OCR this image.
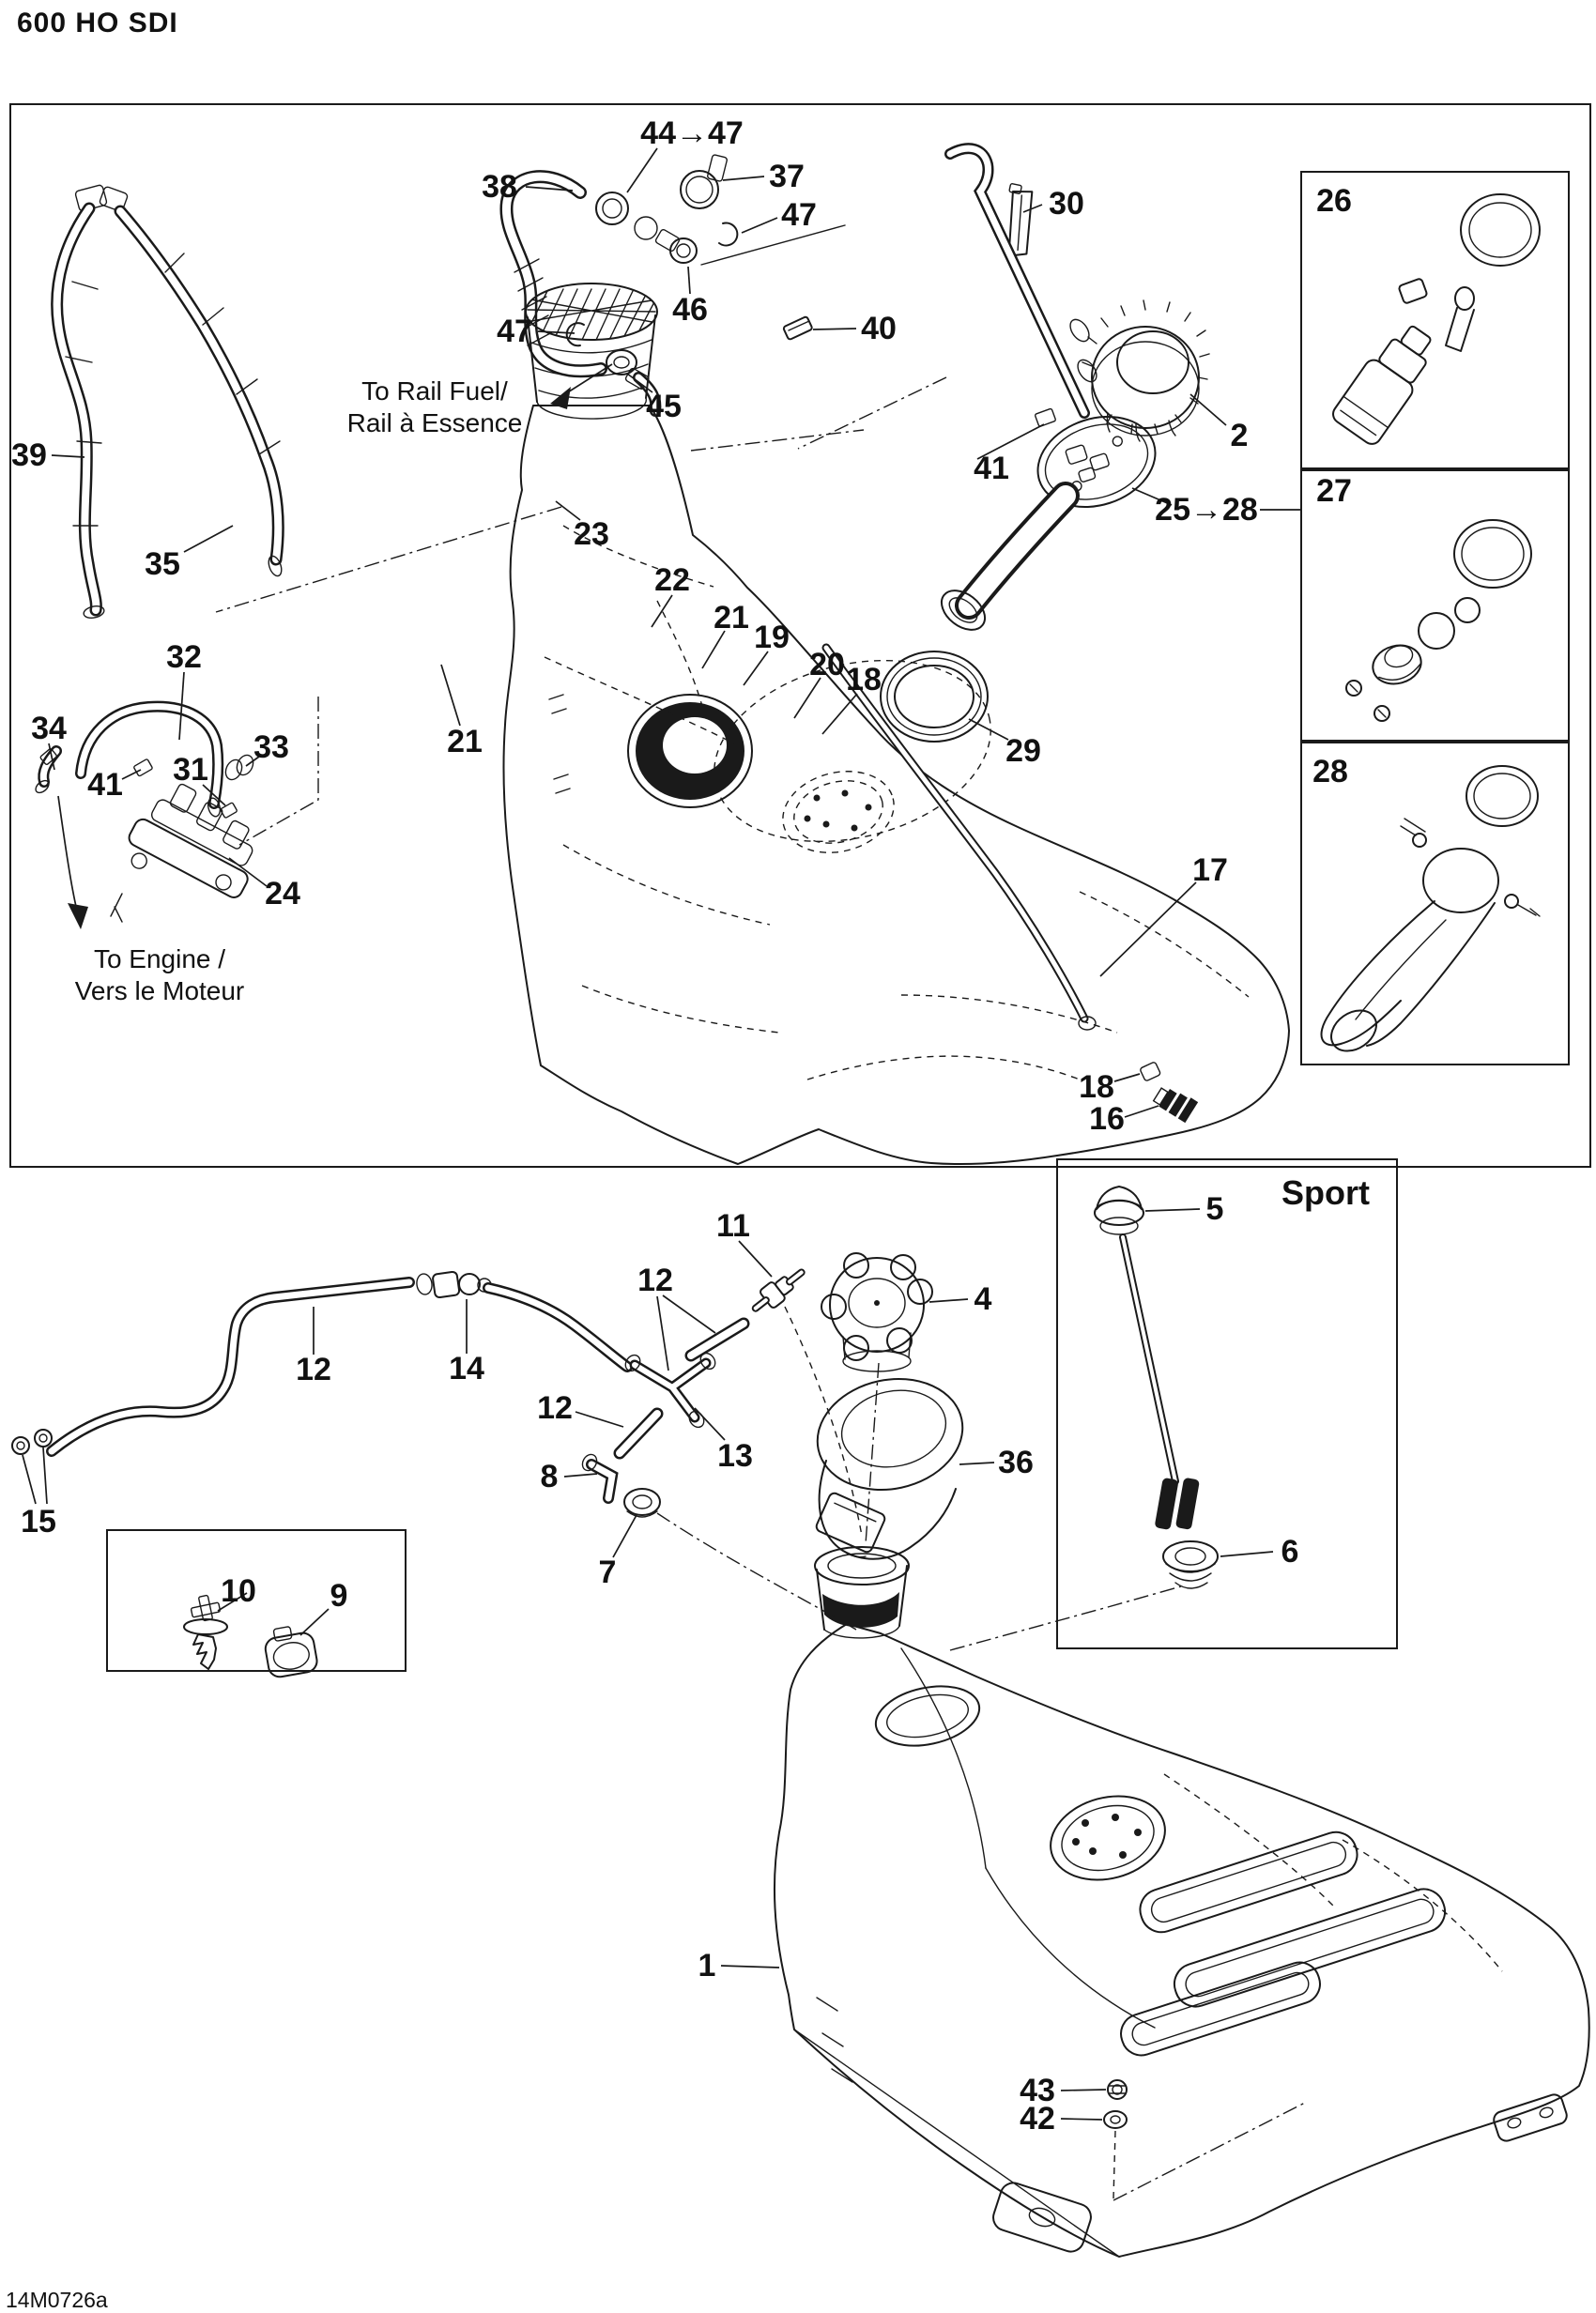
600 HO SDI
To Rail Fuel/
Rail à Essence
To Engine /
Vers le Moteur
Sport
14M0726a
44→47
38	37
47
46
47
45
40
30
39
35
23
22
21
21
19
20 18
32
34
41 31
33
24
2
41
25→28
26
27
28
29
17
18
16
11
12
4
14
12
12
13
8	36
7
15
10 9
5
6
1
43
42
